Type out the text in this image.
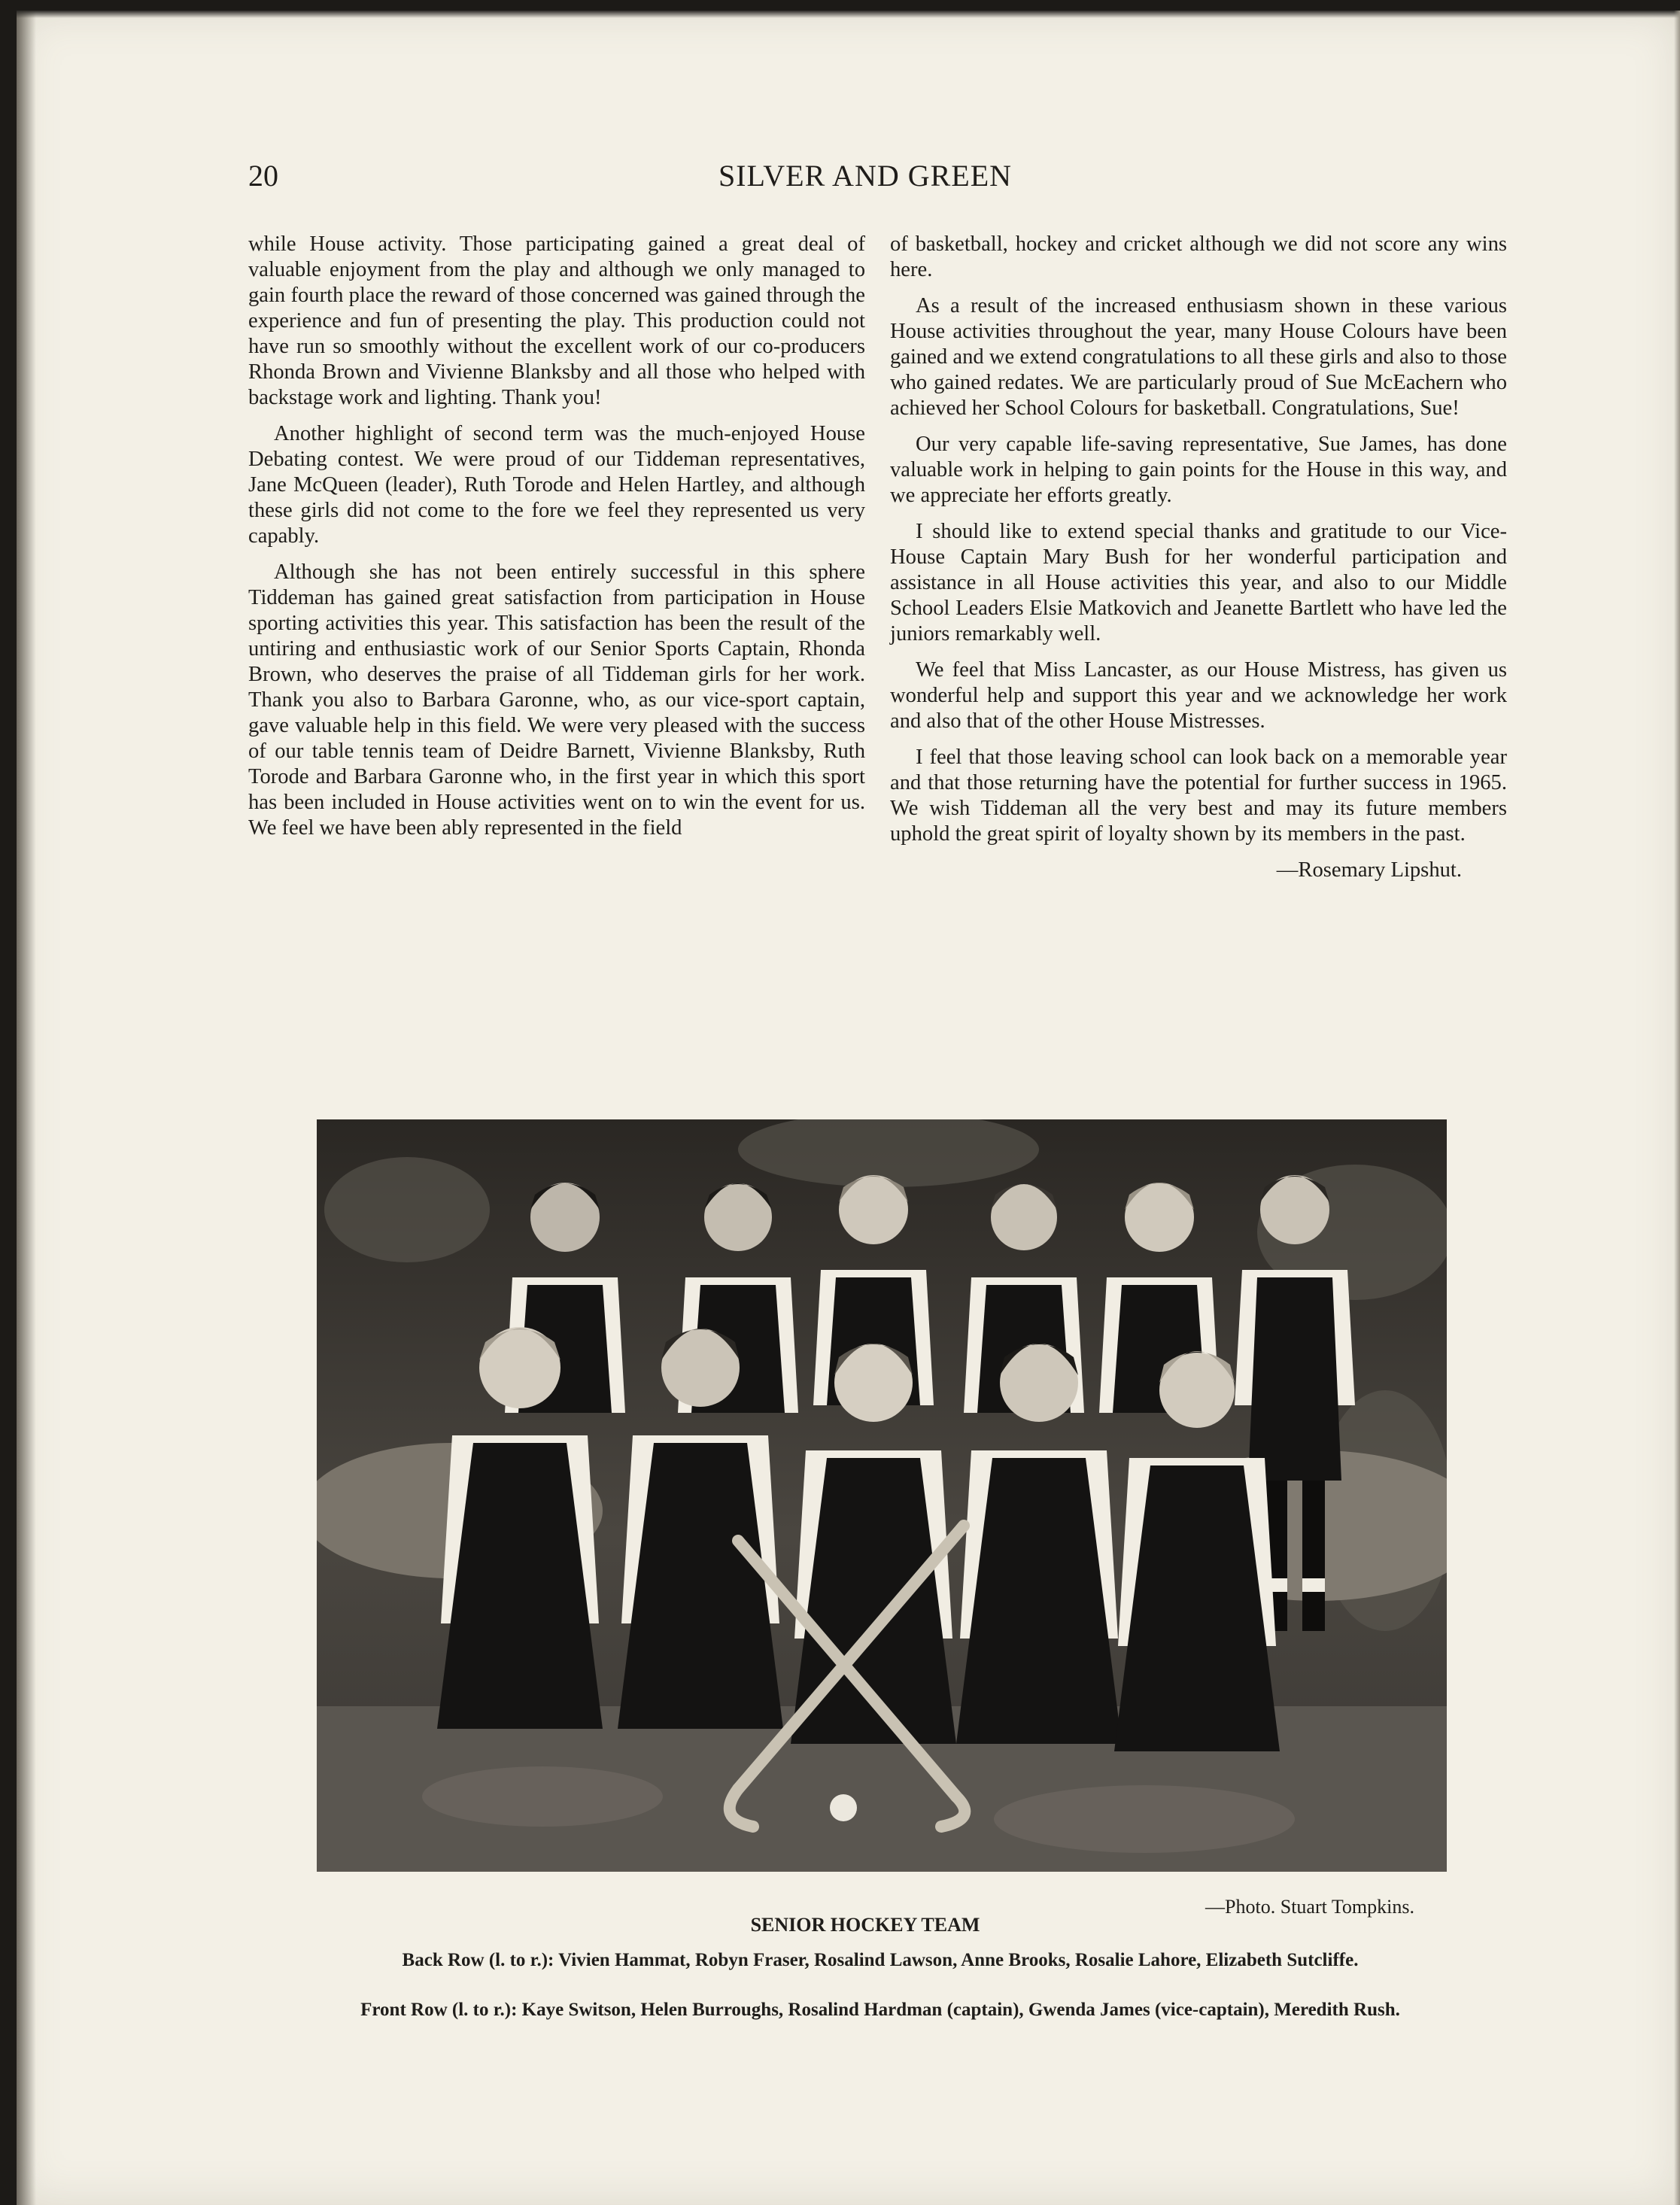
20	SILVER AND GREEN

while House activity. Those participating gained a great deal of valuable enjoyment from the play and although we only managed to gain fourth place the reward of those concerned was gained through the experience and fun of presenting the play. This production could not have run so smoothly without the excellent work of our co-producers Rhonda Brown and Vivienne Blanksby and all those who helped with backstage work and lighting. Thank you!

Another highlight of second term was the much-enjoyed House Debating contest. We were proud of our Tiddeman representatives, Jane McQueen (leader), Ruth Torode and Helen Hartley, and although these girls did not come to the fore we feel they represented us very capably.

Although she has not been entirely successful in this sphere Tiddeman has gained great satisfaction from participation in House sporting activities this year. This satisfaction has been the result of the untiring and enthusiastic work of our Senior Sports Captain, Rhonda Brown, who deserves the praise of all Tiddeman girls for her work. Thank you also to Barbara Garonne, who, as our vice-sport captain, gave valuable help in this field. We were very pleased with the success of our table tennis team of Deidre Barnett, Vivienne Blanksby, Ruth Torode and Barbara Garonne who, in the first year in which this sport has been included in House activities went on to win the event for us. We feel we have been ably represented in the field

of basketball, hockey and cricket although we did not score any wins here.

As a result of the increased enthusiasm shown in these various House activities throughout the year, many House Colours have been gained and we extend congratulations to all these girls and also to those who gained redates. We are particularly proud of Sue McEachern who achieved her School Colours for basketball. Congratulations, Sue!

Our very capable life-saving representative, Sue James, has done valuable work in helping to gain points for the House in this way, and we appreciate her efforts greatly.

I should like to extend special thanks and gratitude to our Vice-House Captain Mary Bush for her wonderful participation and assistance in all House activities this year, and also to our Middle School Leaders Elsie Matkovich and Jeanette Bartlett who have led the juniors remarkably well.

We feel that Miss Lancaster, as our House Mistress, has given us wonderful help and support this year and we acknowledge her work and also that of the other House Mistresses.

I feel that those leaving school can look back on a memorable year and that those returning have the potential for further success in 1965. We wish Tiddeman all the very best and may its future members uphold the great spirit of loyalty shown by its members in the past.

—Rosemary Lipshut.

—Photo. Stuart Tompkins.
SENIOR HOCKEY TEAM
Back Row (l. to r.): Vivien Hammat, Robyn Fraser, Rosalind Lawson, Anne Brooks, Rosalie Lahore, Elizabeth Sutcliffe.
Front Row (l. to r.): Kaye Switson, Helen Burroughs, Rosalind Hardman (captain), Gwenda James (vice-captain), Meredith Rush.
